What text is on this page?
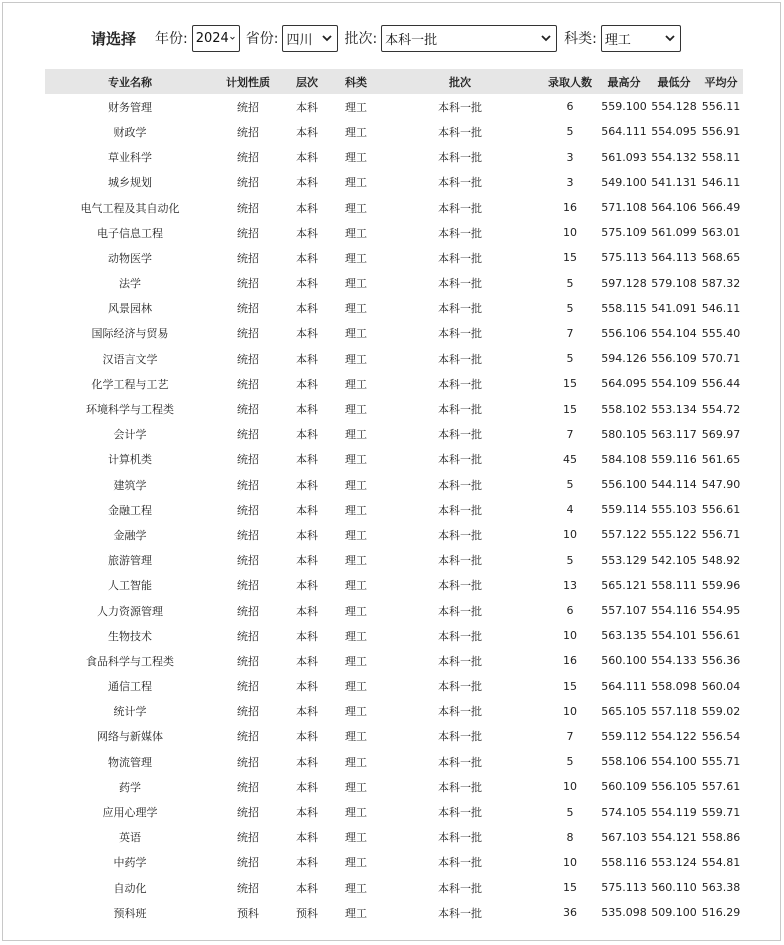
请选择 年份: 2024 省份: 四川	批次: 本科一批	科类: 理工
专业名称	计划性质	层次	科类	批次	录取人数	最高分	最低分	平均分
财务管理	统招	本科	理工	本科一批	6	559.100	554.128	556.11
财政学	统招	本科	理工	本科一批	5	564.111	554.095	556.91
草业科学	统招	本科	理工	本科一批	3	561.093	554.132	558.11
城乡规划	统招	本科	理工	本科一批	3	549.100	541.131	546.11
电气工程及其自动化	统招	本科	理工	本科一批	16	571.108	564.106	566.49
电子信息工程	统招	本科	理工	本科一批	10	575.109	561.099	563.01
动物医学	统招	本科	理工	本科一批	15	575.113	564.113	568.65
法学	统招	本科	理工	本科一批	5	597.128	579.108	587.32
风景园林	统招	本科	理工	本科一批	5	558.115	541.091	546.11
国际经济与贸易	统招	本科	理工	本科一批	7	556.106	554.104	555.40
汉语言文学	统招	本科	理工	本科一批	5	594.126	556.109	570.71
化学工程与工艺	统招	本科	理工	本科一批	15	564.095	554.109	556.44
环境科学与工程类	统招	本科	理工	本科一批	15	558.102	553.134	554.72
会计学	统招	本科	理工	本科一批	7	580.105	563.117	569.97
计算机类	统招	本科	理工	本科一批	45	584.108	559.116	561.65
建筑学	统招	本科	理工	本科一批	5	556.100	544.114	547.90
金融工程	统招	本科	理工	本科一批	4	559.114	555.103	556.61
金融学	统招	本科	理工	本科一批	10	557.122	555.122	556.71
旅游管理	统招	本科	理工	本科一批	5	553.129	542.105	548.92
人工智能	统招	本科	理工	本科一批	13	565.121	558.111	559.96
人力资源管理	统招	本科	理工	本科一批	6	557.107	554.116	554.95
生物技术	统招	本科	理工	本科一批	10	563.135	554.101	556.61
食品科学与工程类	统招	本科	理工	本科一批	16	560.100	554.133	556.36
通信工程	统招	本科	理工	本科一批	15	564.111	558.098	560.04
统计学	统招	本科	理工	本科一批	10	565.105	557.118	559.02
网络与新媒体	统招	本科	理工	本科一批	7	559.112	554.122	556.54
物流管理	统招	本科	理工	本科一批	5	558.106	554.100	555.71
药学	统招	本科	理工	本科一批	10	560.109	556.105	557.61
应用心理学	统招	本科	理工	本科一批	5	574.105	554.119	559.71
英语	统招	本科	理工	本科一批	8	567.103	554.121	558.86
中药学	统招	本科	理工	本科一批	10	558.116	553.124	554.81
自动化	统招	本科	理工	本科一批	15	575.113	560.110	563.38
预科班	预科	预科	理工	本科一批	36	535.098	509.100	516.29
